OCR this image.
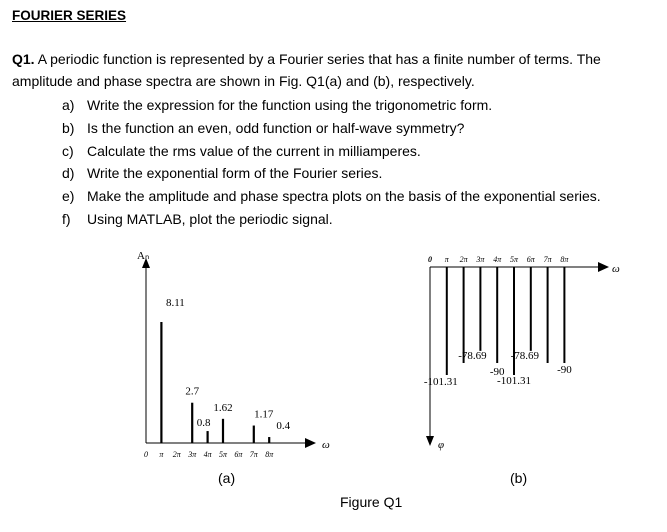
FOURIER SERIES
Q1. A periodic function is represented by a Fourier series that has a finite number of terms. The amplitude and phase spectra are shown in Fig. Q1(a) and (b), respectively.
a) Write the expression for the function using the trigonometric form.
b) Is the function an even, odd function or half-wave symmetry?
c) Calculate the rms value of the current in milliamperes.
d) Write the exponential form of the Fourier series.
e) Make the amplitude and phase spectra plots on the basis of the exponential series.
f) Using MATLAB, plot the periodic signal.
Aₙ
ω
0 π 2π 3π 4π 5π 6π 7π 8π
8.11
2.7
0.8
1.62
1.17
0.4
φ
ω
0 π 2π 3π 4π 5π 6π 7π 8π
-78.69
-90
-101.31	-101.31
-78.69
-90
(a)	(b)
Figure Q1
